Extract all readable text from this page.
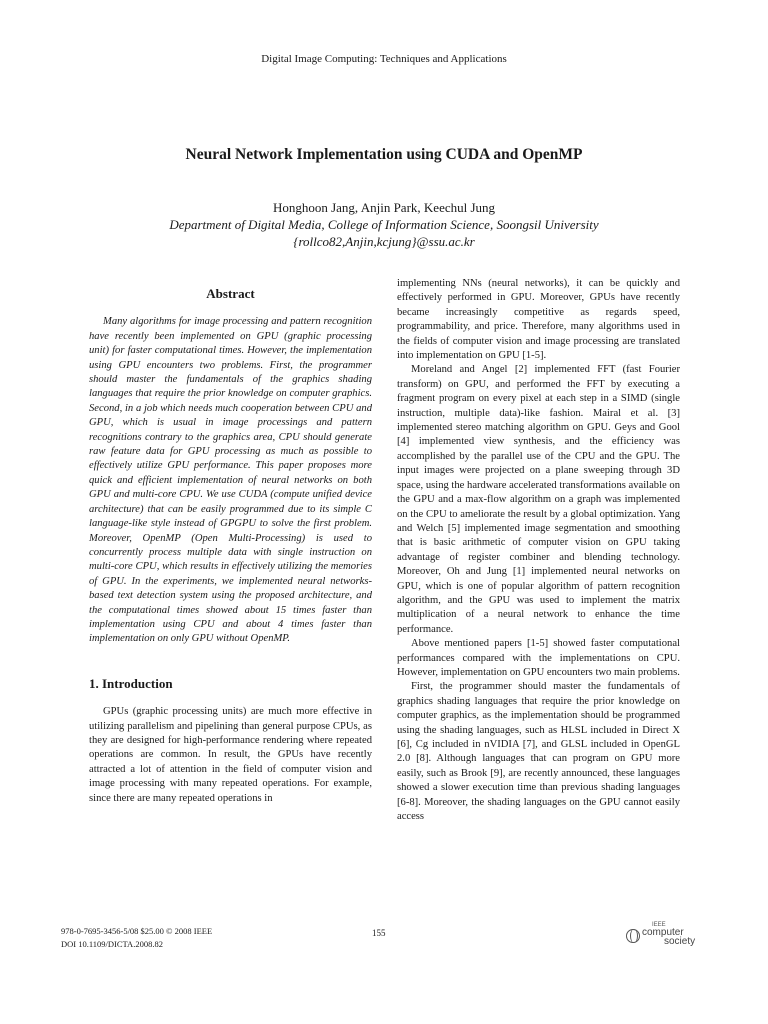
Digital Image Computing: Techniques and Applications
Neural Network Implementation using CUDA and OpenMP
Honghoon Jang, Anjin Park, Keechul Jung
Department of Digital Media, College of Information Science, Soongsil University
{rollco82,Anjin,kcjung}@ssu.ac.kr
Abstract

Many algorithms for image processing and pattern recognition have recently been implemented on GPU (graphic processing unit) for faster computational times. However, the implementation using GPU encounters two problems. First, the programmer should master the fundamentals of the graphics shading languages that require the prior knowledge on computer graphics. Second, in a job which needs much cooperation between CPU and GPU, which is usual in image processings and pattern recognitions contrary to the graphics area, CPU should generate raw feature data for GPU processing as much as possible to effectively utilize GPU performance. This paper proposes more quick and efficient implementation of neural networks on both GPU and multi-core CPU. We use CUDA (compute unified device architecture) that can be easily programmed due to its simple C language-like style instead of GPGPU to solve the first problem. Moreover, OpenMP (Open Multi-Processing) is used to concurrently process multiple data with single instruction on multi-core CPU, which results in effectively utilizing the memories of GPU. In the experiments, we implemented neural networks-based text detection system using the proposed architecture, and the computational times showed about 15 times faster than implementation using CPU and about 4 times faster than implementation on only GPU without OpenMP.

1. Introduction

GPUs (graphic processing units) are much more effective in utilizing parallelism and pipelining than general purpose CPUs, as they are designed for high-performance rendering where repeated operations are common. In result, the GPUs have recently attracted a lot of attention in the field of computer vision and image processing with many repeated operations. For example, since there are many repeated operations in

implementing NNs (neural networks), it can be quickly and effectively performed in GPU. Moreover, GPUs have recently became increasingly competitive as regards speed, programmability, and price. Therefore, many algorithms used in the fields of computer vision and image processing are translated into implementation on GPU [1-5].

Moreland and Angel [2] implemented FFT (fast Fourier transform) on GPU, and performed the FFT by executing a fragment program on every pixel at each step in a SIMD (single instruction, multiple data)-like fashion. Mairal et al. [3] implemented stereo matching algorithm on GPU. Geys and Gool [4] implemented view synthesis, and the efficiency was accomplished by the parallel use of the CPU and the GPU. The input images were projected on a plane sweeping through 3D space, using the hardware accelerated transformations available on the GPU and a max-flow algorithm on a graph was implemented on the CPU to ameliorate the result by a global optimization. Yang and Welch [5] implemented image segmentation and smoothing that is basic arithmetic of computer vision on GPU taking advantage of register combiner and blending technology. Moreover, Oh and Jung [1] implemented neural networks on GPU, which is one of popular algorithm of pattern recognition algorithm, and the GPU was used to implement the matrix multiplication of a neural network to enhance the time performance.

Above mentioned papers [1-5] showed faster computational performances compared with the implementations on CPU. However, implementation on GPU encounters two main problems.

First, the programmer should master the fundamentals of graphics shading languages that require the prior knowledge on computer graphics, as the implementation should be programmed using the shading languages, such as HLSL included in Direct X [6], Cg included in nVIDIA [7], and GLSL included in OpenGL 2.0 [8]. Although languages that can program on GPU more easily, such as Brook [9], are recently announced, these languages showed a slower execution time than previous shading languages [6-8]. Moreover, the shading languages on the GPU cannot easily access

978-0-7695-3456-5/08 $25.00 © 2008 IEEE
DOI 10.1109/DICTA.2008.82
155
IEEE
computer
society
